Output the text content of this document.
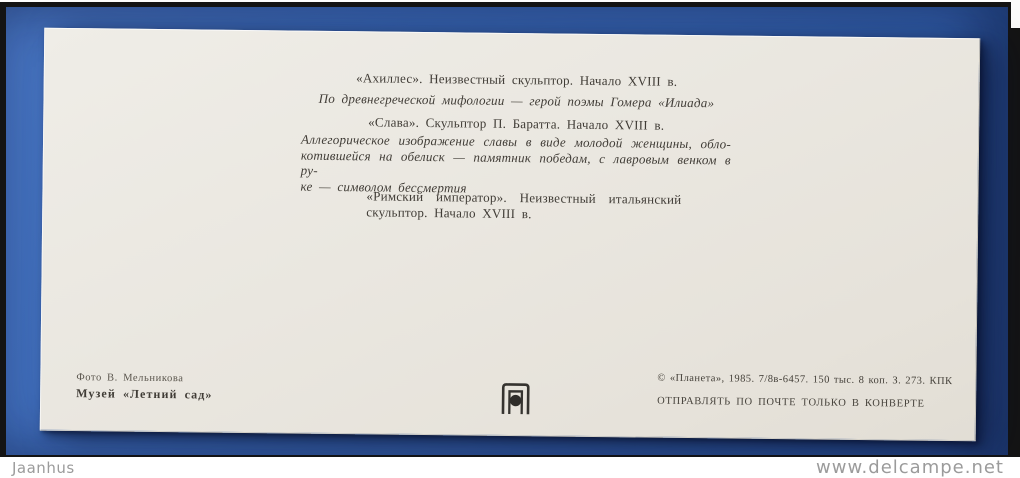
«Ахиллес». Неизвестный скульптор. Начало XVIII в.
По древнегреческой мифологии — герой поэмы Гомера «Илиада»
«Слава». Скульптор П. Баратта. Начало XVIII в.
Аллегорическое изображение славы в виде молодой женщины, обло-
котившейся на обелиск — памятник победам, с лавровым венком в ру-
ке — символом бессмертия
«Римский император». Неизвестный итальянский
скульптор. Начало XVIII в.
Фото В. Мельникова
Музей «Летний сад»
© «Планета», 1985. 7/8в-6457. 150 тыс. 8 коп. З. 273. КПК
ОТПРАВЛЯТЬ ПО ПОЧТЕ ТОЛЬКО В КОНВЕРТЕ
Jaanhus	www.delcampe.net
